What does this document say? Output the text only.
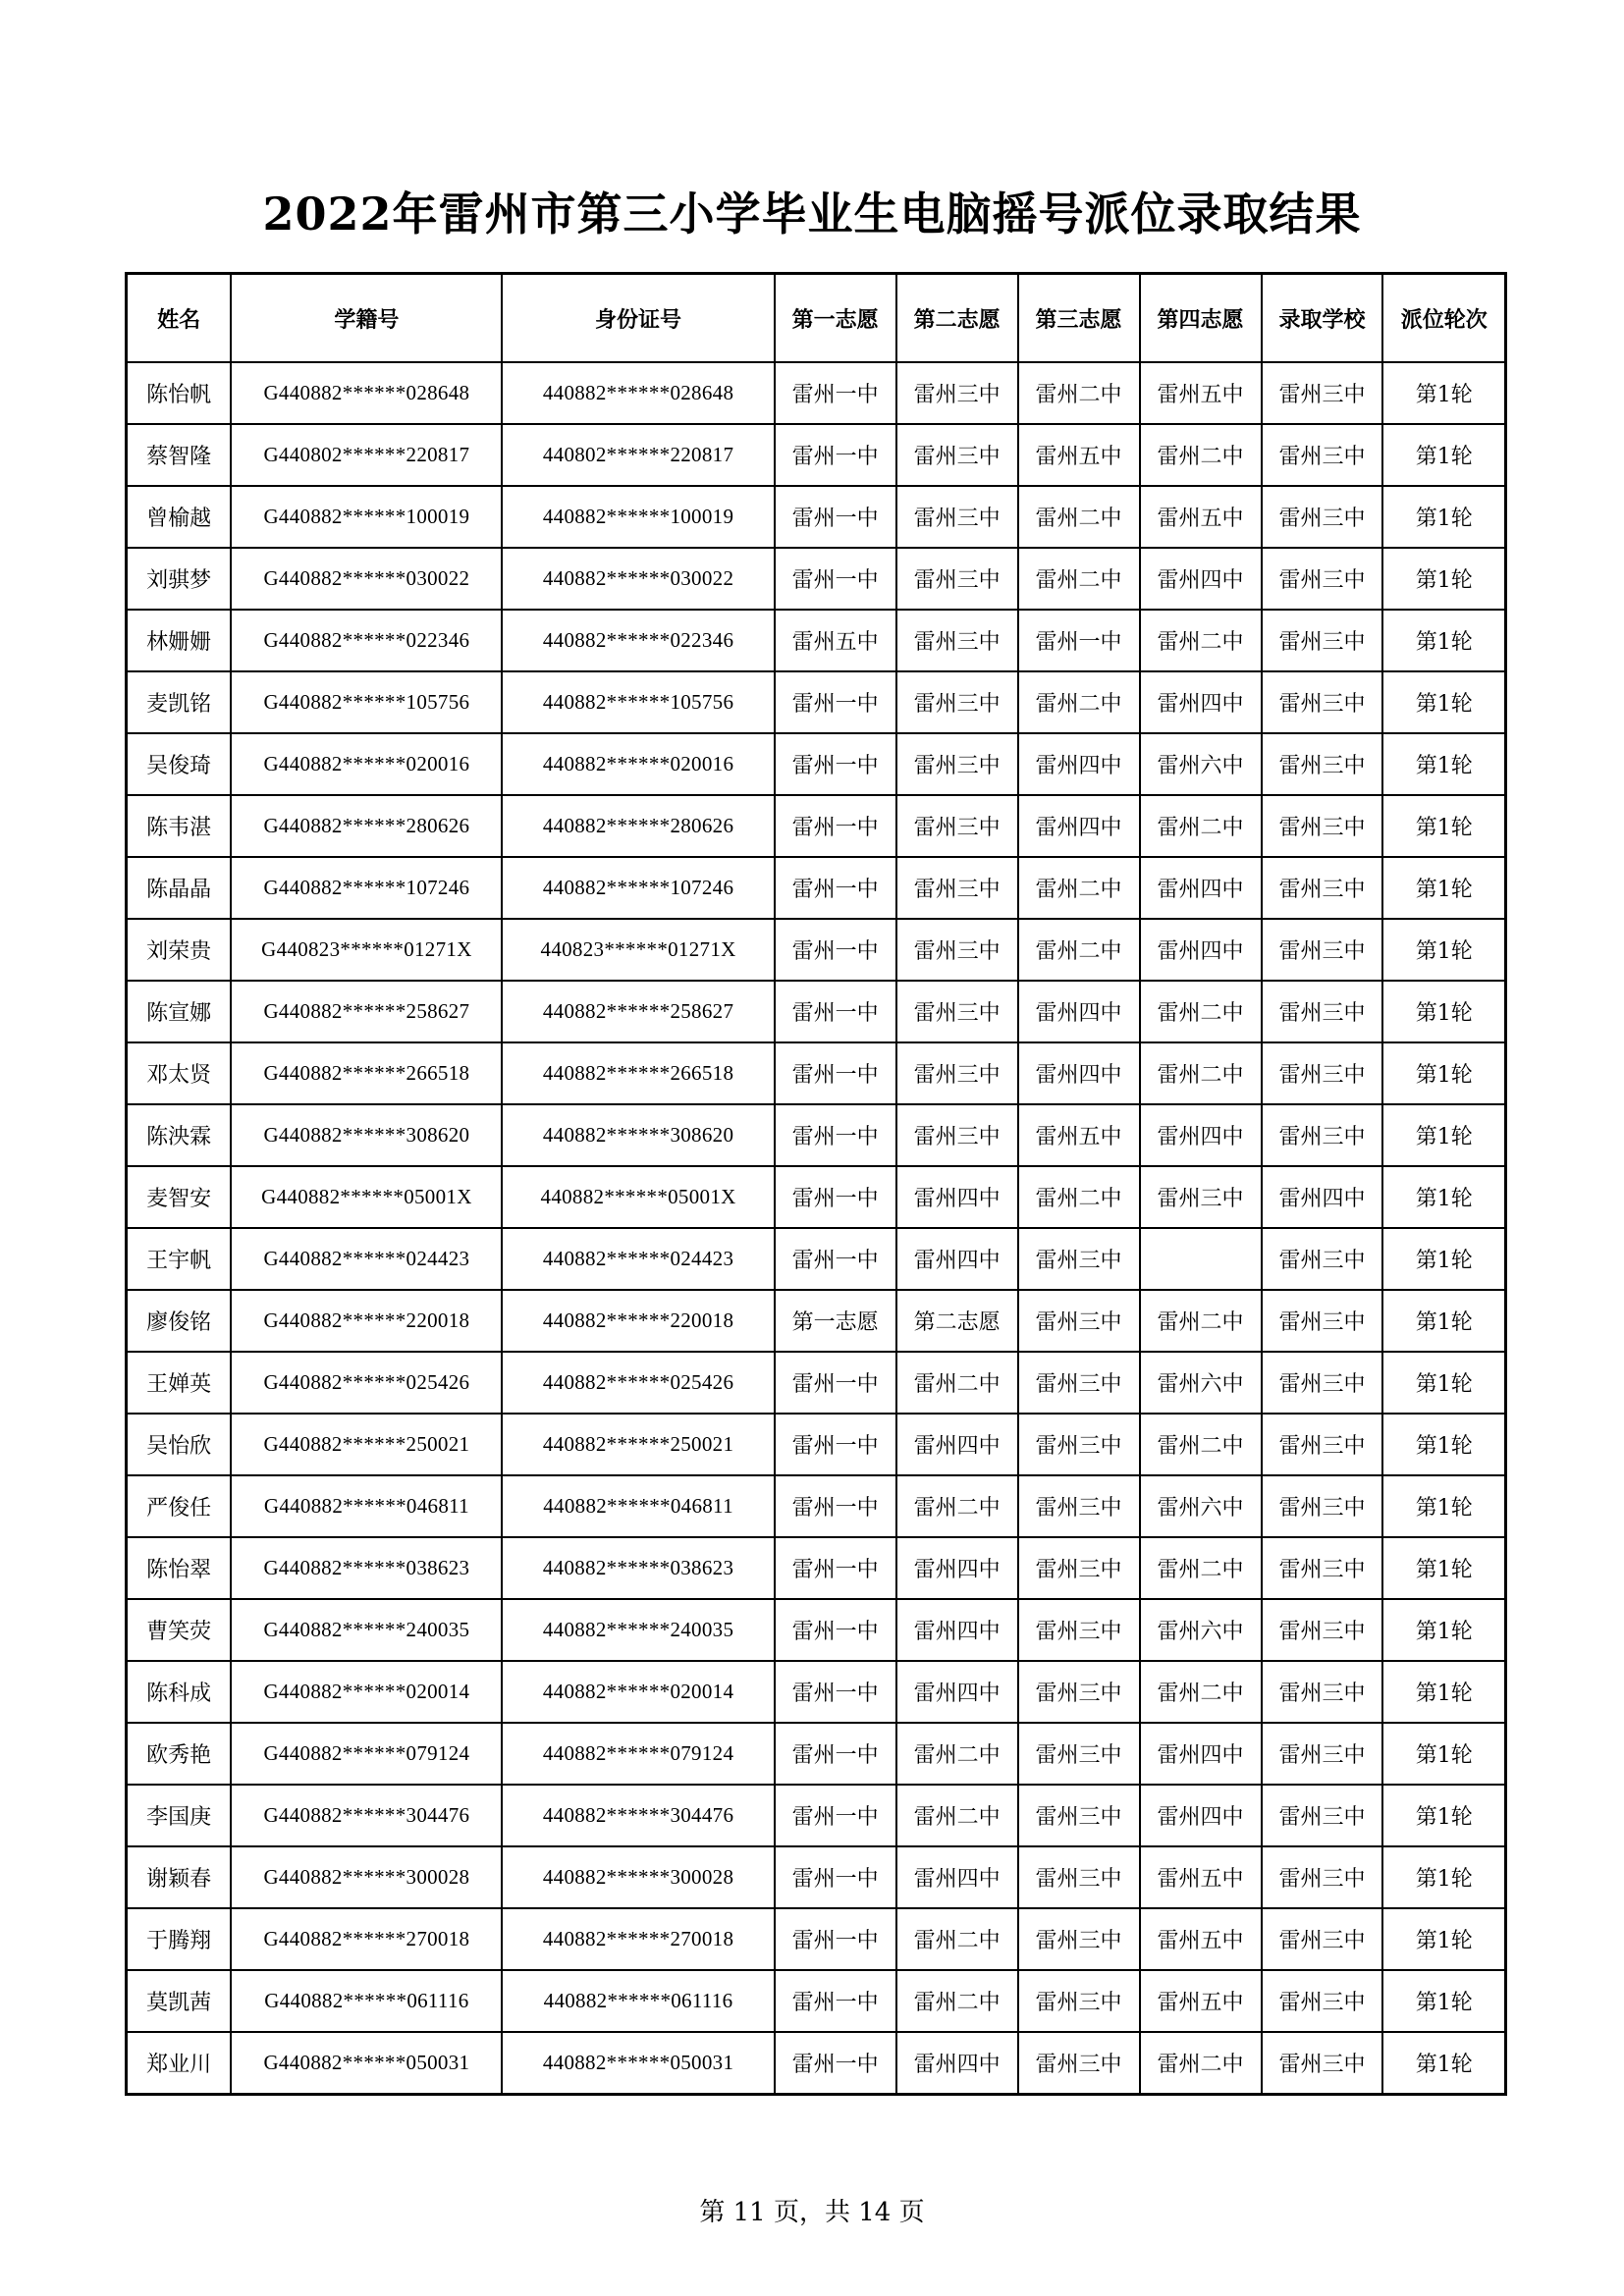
2022年雷州市第三小学毕业生电脑摇号派位录取结果
姓名	学籍号	身份证号	第一志愿	第二志愿	第三志愿	第四志愿	录取学校	派位轮次
陈怡帆	G440882******028648	440882******028648	雷州一中	雷州三中	雷州二中	雷州五中	雷州三中	第1轮
蔡智隆	G440802******220817	440802******220817	雷州一中	雷州三中	雷州五中	雷州二中	雷州三中	第1轮
曾榆越	G440882******100019	440882******100019	雷州一中	雷州三中	雷州二中	雷州五中	雷州三中	第1轮
刘骐梦	G440882******030022	440882******030022	雷州一中	雷州三中	雷州二中	雷州四中	雷州三中	第1轮
林姗姗	G440882******022346	440882******022346	雷州五中	雷州三中	雷州一中	雷州二中	雷州三中	第1轮
麦凯铭	G440882******105756	440882******105756	雷州一中	雷州三中	雷州二中	雷州四中	雷州三中	第1轮
吴俊琦	G440882******020016	440882******020016	雷州一中	雷州三中	雷州四中	雷州六中	雷州三中	第1轮
陈韦湛	G440882******280626	440882******280626	雷州一中	雷州三中	雷州四中	雷州二中	雷州三中	第1轮
陈晶晶	G440882******107246	440882******107246	雷州一中	雷州三中	雷州二中	雷州四中	雷州三中	第1轮
刘荣贵	G440823******01271X	440823******01271X	雷州一中	雷州三中	雷州二中	雷州四中	雷州三中	第1轮
陈宣娜	G440882******258627	440882******258627	雷州一中	雷州三中	雷州四中	雷州二中	雷州三中	第1轮
邓太贤	G440882******266518	440882******266518	雷州一中	雷州三中	雷州四中	雷州二中	雷州三中	第1轮
陈泱霖	G440882******308620	440882******308620	雷州一中	雷州三中	雷州五中	雷州四中	雷州三中	第1轮
麦智安	G440882******05001X	440882******05001X	雷州一中	雷州四中	雷州二中	雷州三中	雷州四中	第1轮
王宇帆	G440882******024423	440882******024423	雷州一中	雷州四中	雷州三中		雷州三中	第1轮
廖俊铭	G440882******220018	440882******220018	第一志愿	第二志愿	雷州三中	雷州二中	雷州三中	第1轮
王婵英	G440882******025426	440882******025426	雷州一中	雷州二中	雷州三中	雷州六中	雷州三中	第1轮
吴怡欣	G440882******250021	440882******250021	雷州一中	雷州四中	雷州三中	雷州二中	雷州三中	第1轮
严俊任	G440882******046811	440882******046811	雷州一中	雷州二中	雷州三中	雷州六中	雷州三中	第1轮
陈怡翠	G440882******038623	440882******038623	雷州一中	雷州四中	雷州三中	雷州二中	雷州三中	第1轮
曹笑荧	G440882******240035	440882******240035	雷州一中	雷州四中	雷州三中	雷州六中	雷州三中	第1轮
陈科成	G440882******020014	440882******020014	雷州一中	雷州四中	雷州三中	雷州二中	雷州三中	第1轮
欧秀艳	G440882******079124	440882******079124	雷州一中	雷州二中	雷州三中	雷州四中	雷州三中	第1轮
李国庚	G440882******304476	440882******304476	雷州一中	雷州二中	雷州三中	雷州四中	雷州三中	第1轮
谢颖春	G440882******300028	440882******300028	雷州一中	雷州四中	雷州三中	雷州五中	雷州三中	第1轮
于腾翔	G440882******270018	440882******270018	雷州一中	雷州二中	雷州三中	雷州五中	雷州三中	第1轮
莫凯茜	G440882******061116	440882******061116	雷州一中	雷州二中	雷州三中	雷州五中	雷州三中	第1轮
郑业川	G440882******050031	440882******050031	雷州一中	雷州四中	雷州三中	雷州二中	雷州三中	第1轮
第 11 页，共 14 页
